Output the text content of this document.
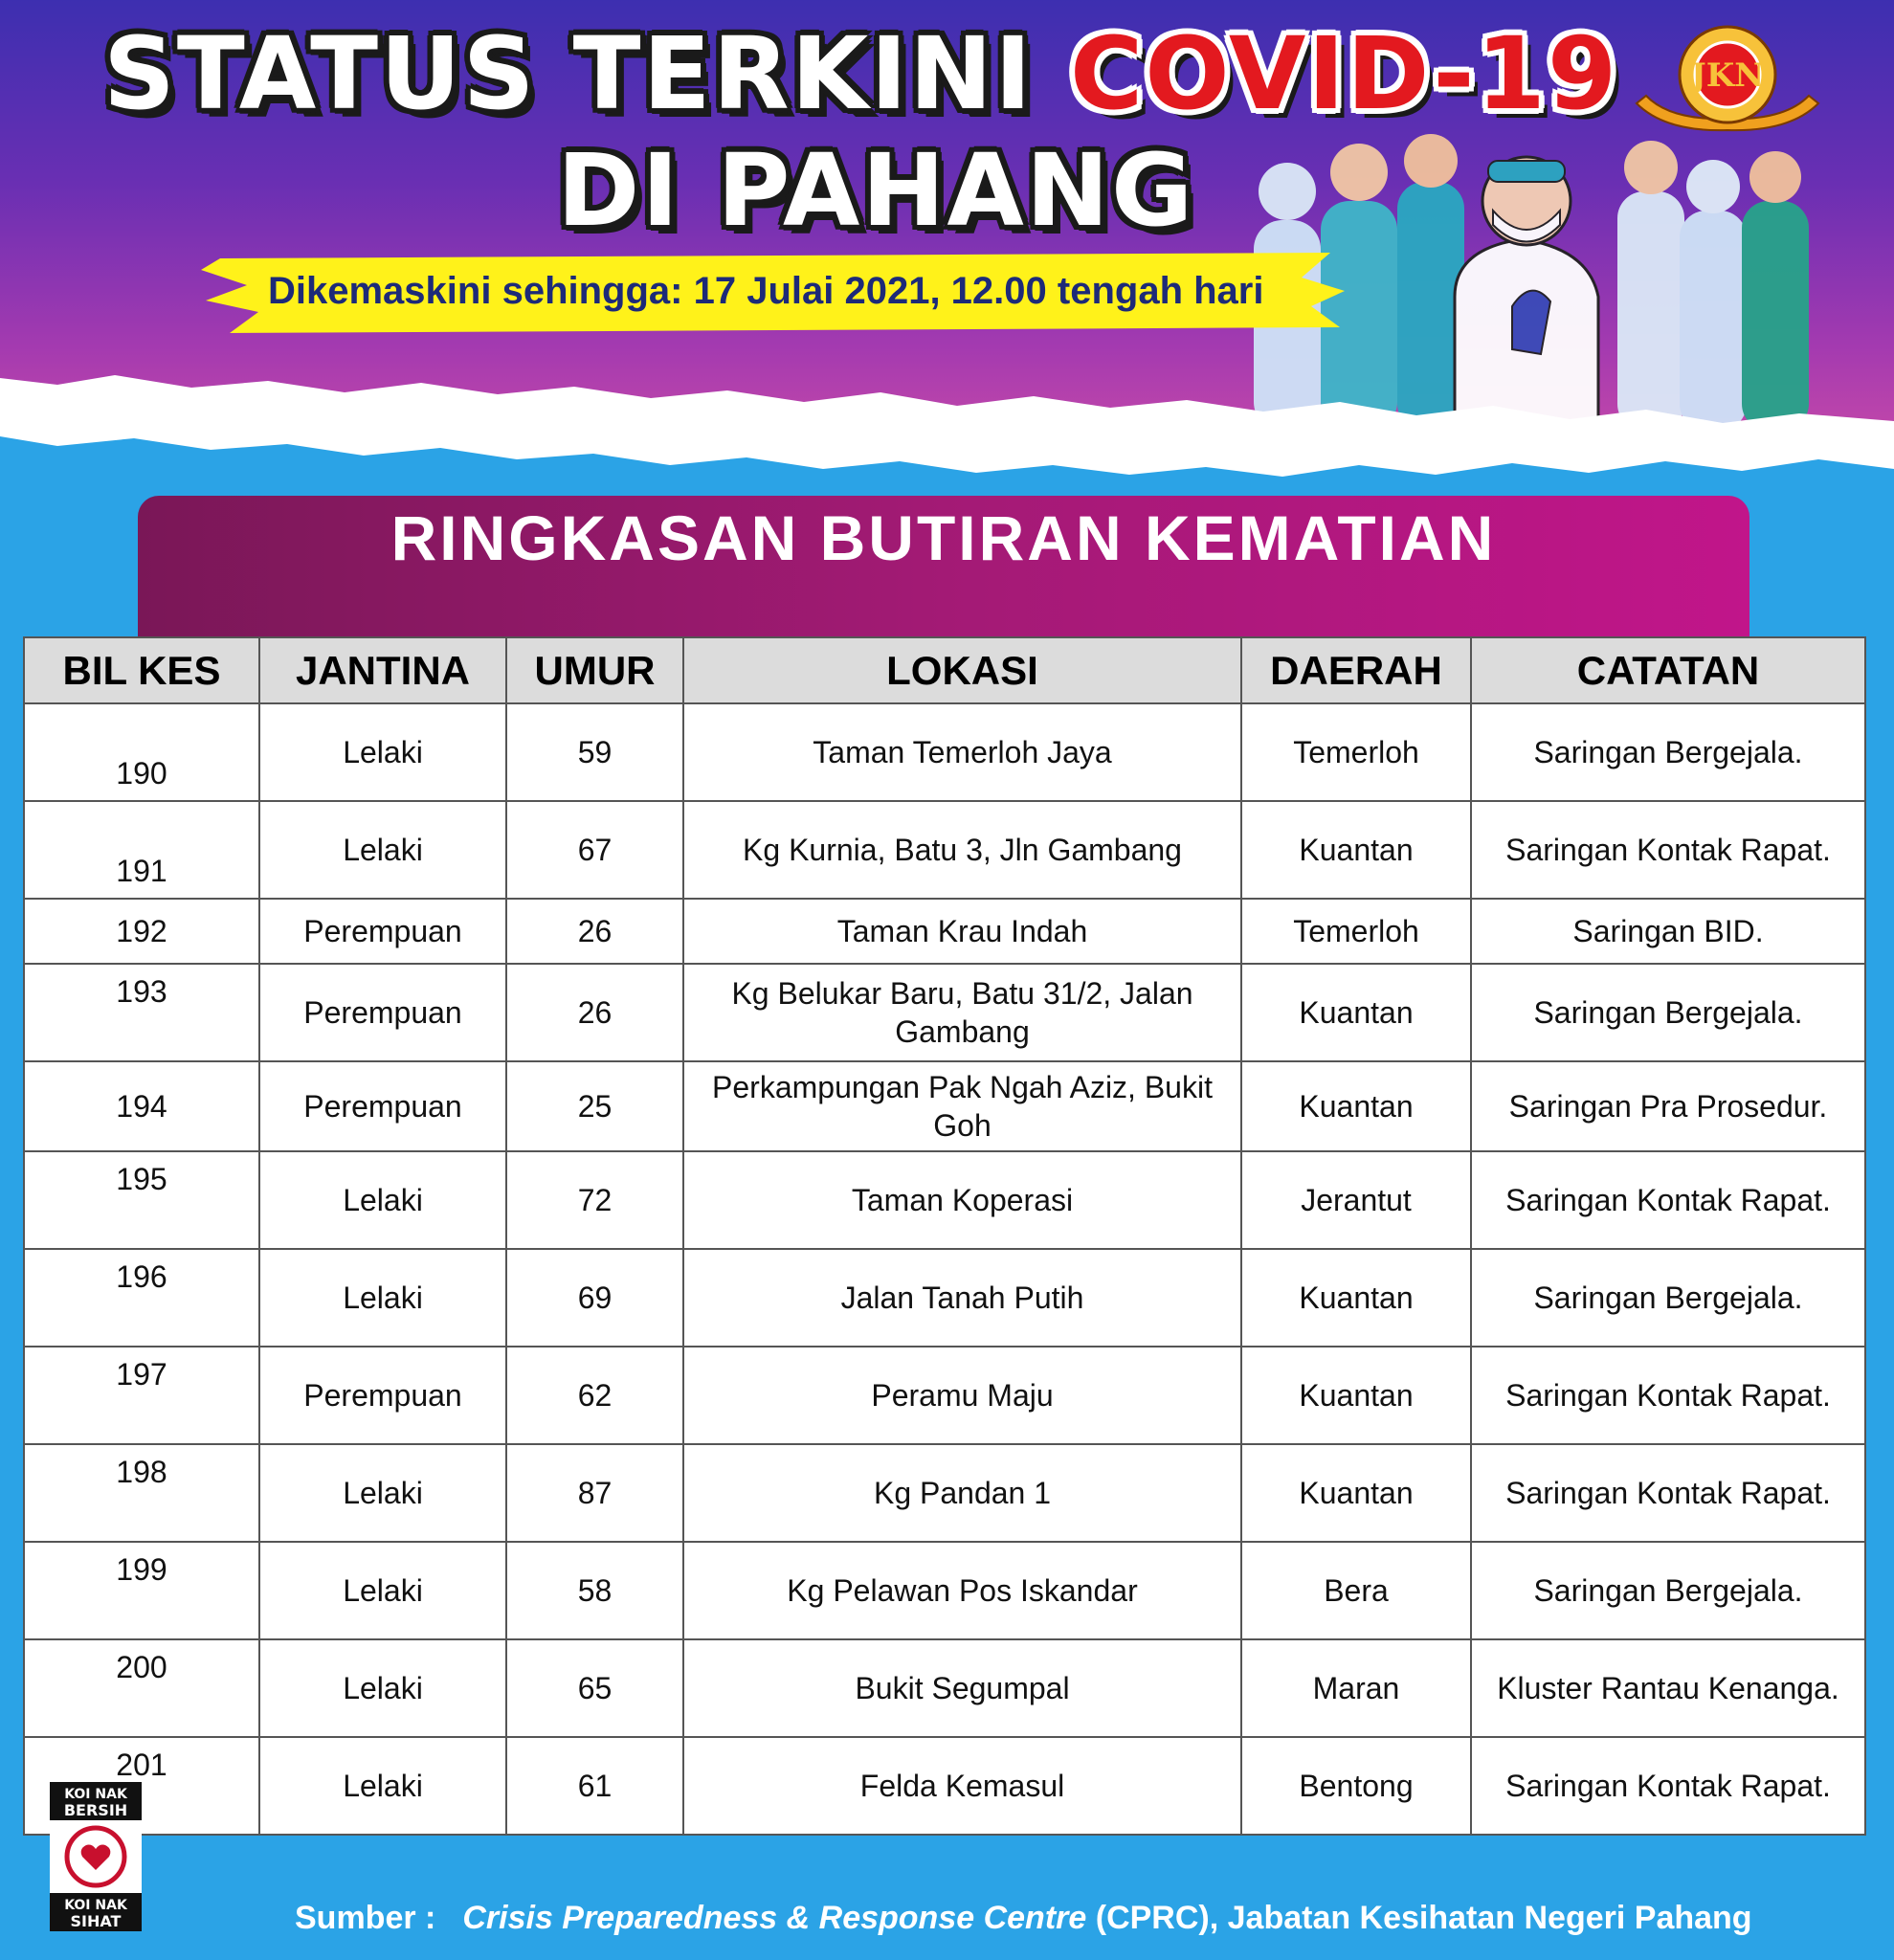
STATUS TERKINI COVID-19
DI PAHANG
Dikemaskini sehingga: 17 Julai 2021, 12.00 tengah hari
JKN
RINGKASAN BUTIRAN KEMATIAN
BIL KES	JANTINA	UMUR	LOKASI	DAERAH	CATATAN
190	Lelaki	59	Taman Temerloh Jaya	Temerloh	Saringan Bergejala.
191	Lelaki	67	Kg Kurnia, Batu 3, Jln Gambang	Kuantan	Saringan Kontak Rapat.
192	Perempuan	26	Taman Krau Indah	Temerloh	Saringan BID.
193	Perempuan	26	Kg Belukar Baru, Batu 31/2, Jalan Gambang	Kuantan	Saringan Bergejala.
194	Perempuan	25	Perkampungan Pak Ngah Aziz, Bukit Goh	Kuantan	Saringan Pra Prosedur.
195	Lelaki	72	Taman Koperasi	Jerantut	Saringan Kontak Rapat.
196	Lelaki	69	Jalan Tanah Putih	Kuantan	Saringan Bergejala.
197	Perempuan	62	Peramu Maju	Kuantan	Saringan Kontak Rapat.
198	Lelaki	87	Kg Pandan 1	Kuantan	Saringan Kontak Rapat.
199	Lelaki	58	Kg Pelawan Pos Iskandar	Bera	Saringan Bergejala.
200	Lelaki	65	Bukit Segumpal	Maran	Kluster Rantau Kenanga.
201	Lelaki	61	Felda Kemasul	Bentong	Saringan Kontak Rapat.
KOI NAK
BERSIH
KOI NAK
SIHAT	Sumber : Crisis Preparedness & Response Centre (CPRC), Jabatan Kesihatan Negeri Pahang
